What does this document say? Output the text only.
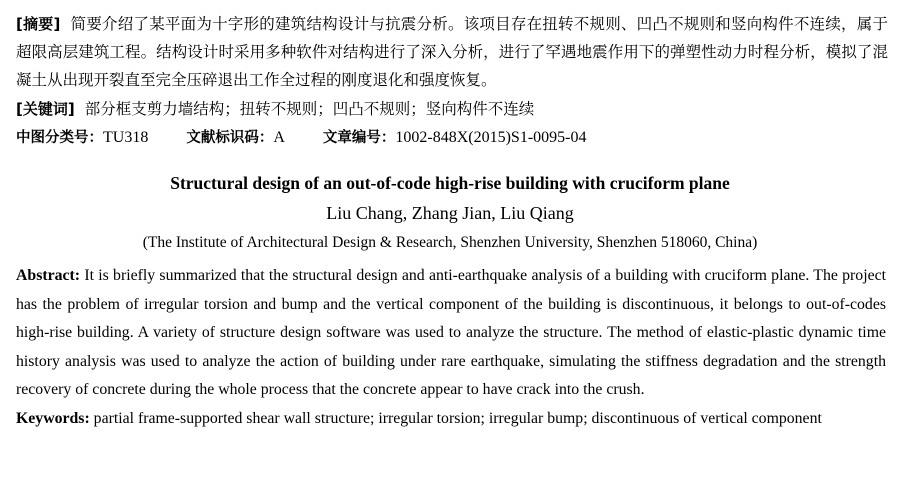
[摘要] 简要介绍了某平面为十字形的建筑结构设计与抗震分析。该项目存在扭转不规则、凹凸不规则和竖向构件不连续，属于超限高层建筑工程。结构设计时采用多种软件对结构进行了深入分析，进行了罕遇地震作用下的弹塑性动力时程分析，模拟了混凝土从出现开裂直至完全压碎退出工作全过程的刚度退化和强度恢复。

[关键词] 部分框支剪力墙结构；扭转不规则；凹凸不规则；竖向构件不连续

中图分类号：TU318	文献标识码：A	文章编号：1002-848X(2015)S1-0095-04

Structural design of an out-of-code high-rise building with cruciform plane
Liu Chang, Zhang Jian, Liu Qiang
(The Institute of Architectural Design & Research, Shenzhen University, Shenzhen 518060, China)

Abstract: It is briefly summarized that the structural design and anti-earthquake analysis of a building with cruciform plane. The project has the problem of irregular torsion and bump and the vertical component of the building is discontinuous, it belongs to out-of-codes high-rise building. A variety of structure design software was used to analyze the structure. The method of elastic-plastic dynamic time history analysis was used to analyze the action of building under rare earthquake, simulating the stiffness degradation and the strength recovery of concrete during the whole process that the concrete appear to have crack into the crush.

Keywords: partial frame-supported shear wall structure; irregular torsion; irregular bump; discontinuous of vertical component
